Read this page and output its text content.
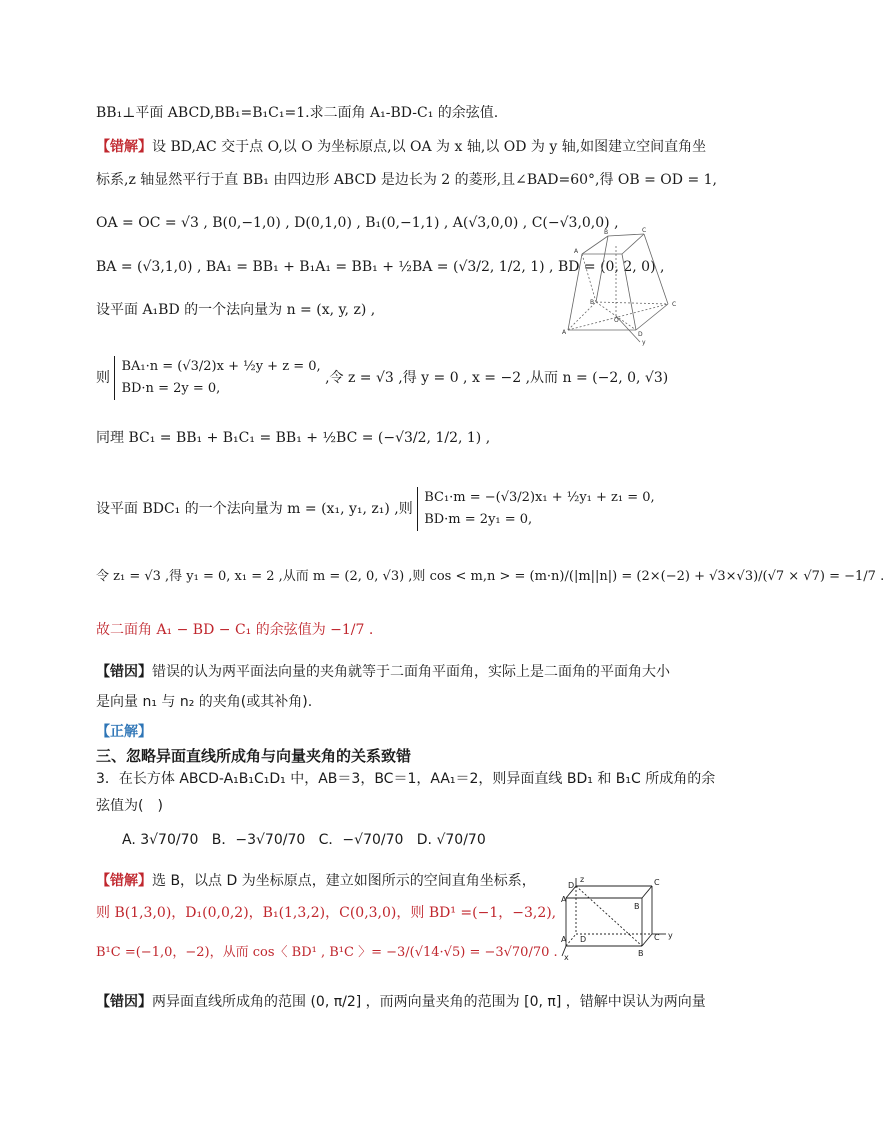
BB₁⊥平面 ABCD,BB₁=B₁C₁=1.求二面角 A₁-BD-C₁ 的余弦值.
【错解】设 BD,AC 交于点 O,以 O 为坐标原点,以 OA 为 x 轴,以 OD 为 y 轴,如图建立空间直角坐
标系,z 轴显然平行于直 BB₁ 由四边形 ABCD 是边长为 2 的菱形,且∠BAD=60°,得 OB = OD = 1,
OA = OC = √3 , B(0,−1,0) , D(0,1,0) , B₁(0,−1,1) , A(√3,0,0) , C(−√3,0,0) ,
BA = (√3,1,0) , BA₁ = BB₁ + B₁A₁ = BB₁ + ½BA = (√3/2, 1/2, 1) , BD = (0, 2, 0) ,
设平面 A₁BD 的一个法向量为 n = (x, y, z) ,
则
BA₁·n = (√3/2)x + ½y + z = 0,
BD·n = 2y = 0,
,令 z = √3 ,得 y = 0 , x = −2 ,从而 n = (−2, 0, √3)
同理 BC₁ = BB₁ + B₁C₁ = BB₁ + ½BC = (−√3/2, 1/2, 1) ,
设平面 BDC₁ 的一个法向量为 m = (x₁, y₁, z₁) ,则
BC₁·m = −(√3/2)x₁ + ½y₁ + z₁ = 0,
BD·m = 2y₁ = 0,
令 z₁ = √3 ,得 y₁ = 0, x₁ = 2 ,从而 m = (2, 0, √3) ,则 cos < m,n > = (m·n)/(|m||n|) = (2×(−2) + √3×√3)/(√7 × √7) = −1/7 .
故二面角 A₁ − BD − C₁ 的余弦值为 −1/7 .
【错因】错误的认为两平面法向量的夹角就等于二面角平面角，实际上是二面角的平面角大小
是向量 n₁ 与 n₂ 的夹角(或其补角).
【正解】
三、忽略异面直线所成角与向量夹角的关系致错
3．在长方体 ABCD-A₁B₁C₁D₁ 中，AB＝3，BC＝1，AA₁＝2，则异面直线 BD₁ 和 B₁C 所成角的余
弦值为(　)
A. 3√70/70 B．−3√70/70 C．−√70/70 D. √70/70
【错解】选 B，以点 D 为坐标原点，建立如图所示的空间直角坐标系，
则 B(1,3,0)，D₁(0,0,2)，B₁(1,3,2)，C(0,3,0)，则 BD¹ =(−1，−3,2),
B¹C =(−1,0，−2)，从而 cos〈 BD¹ , B¹C 〉= −3/(√14·√5) = −3√70/70 .
【错因】两异面直线所成角的范围 (0, π/2] ，而两向量夹角的范围为 [0, π] ，错解中误认为两向量
A
B	C
B	C
A
O
D
y
D
z	C
A
B
D	C y
A
B
x
